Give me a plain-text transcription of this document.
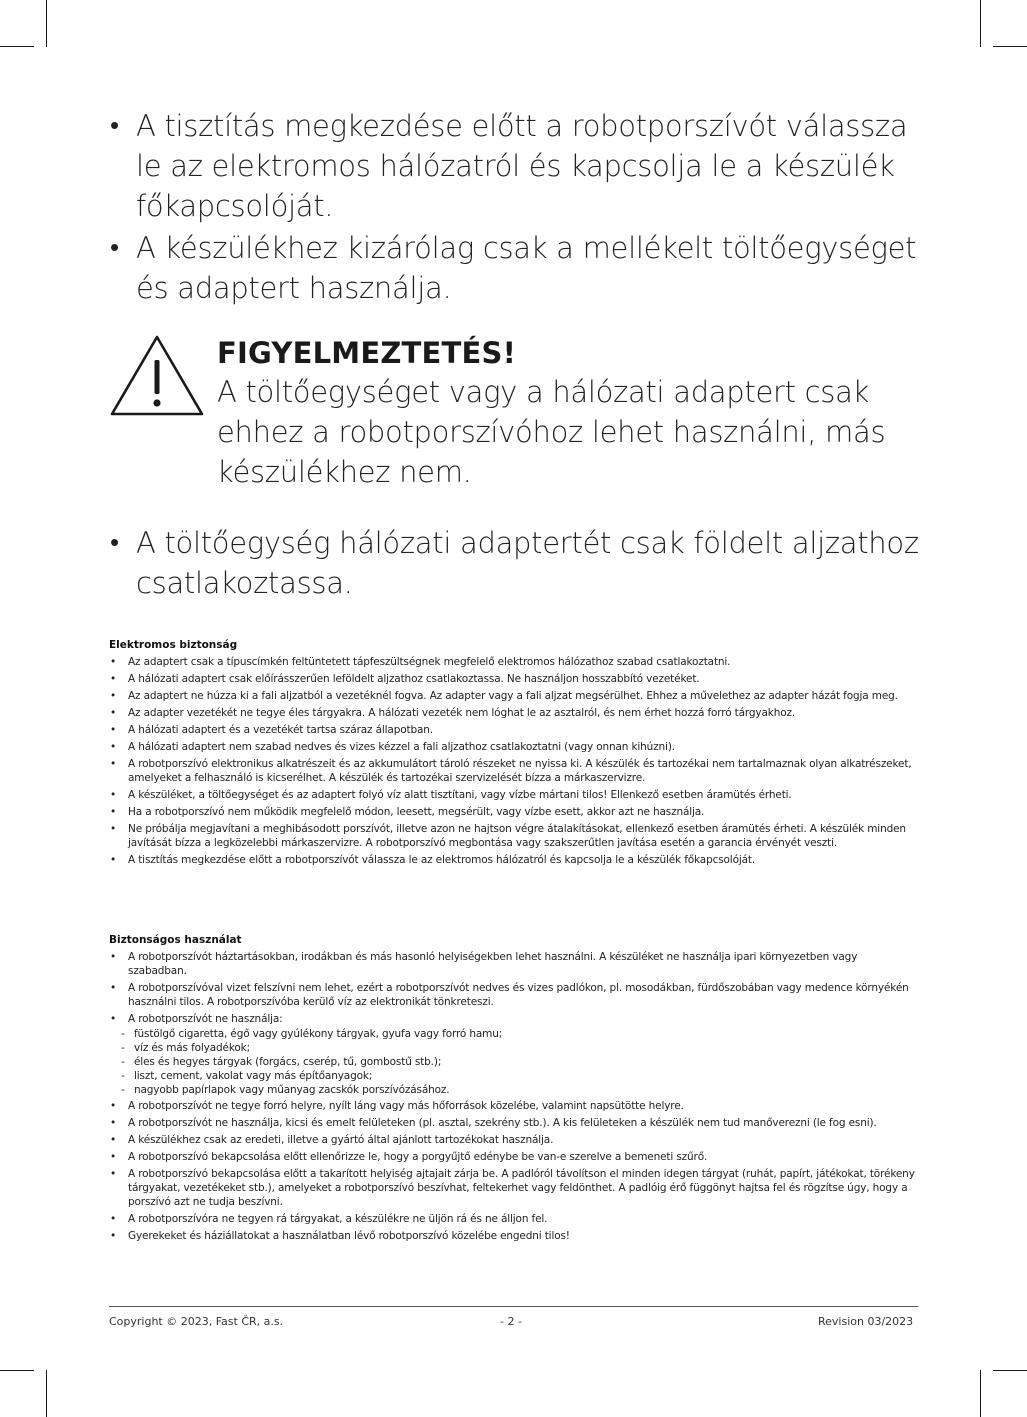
• A tisztítás megkezdése előtt a robotporszívót válassza le az elektromos hálózatról és kapcsolja le a készülék főkapcsolóját.
• A készülékhez kizárólag csak a mellékelt töltőegységet és adaptert használja.
FIGYELMEZTETÉS!
A töltőegységet vagy a hálózati adaptert csak ehhez a robotporszívóhoz lehet használni, más készülékhez nem.
• A töltőegység hálózati adaptertét csak földelt aljzathoz csatlakoztassa.
Elektromos biztonság
• Az adaptert csak a típuscímkén feltüntetett tápfeszültségnek megfelelő elektromos hálózathoz szabad csatlakoztatni.
• A hálózati adaptert csak előírásszerűen leföldelt aljzathoz csatlakoztassa. Ne használjon hosszabbító vezetéket.
• Az adaptert ne húzza ki a fali aljzatból a vezetéknél fogva. Az adapter vagy a fali aljzat megsérülhet. Ehhez a művelethez az adapter házát fogja meg.
• Az adapter vezetékét ne tegye éles tárgyakra. A hálózati vezeték nem lóghat le az asztalról, és nem érhet hozzá forró tárgyakhoz.
• A hálózati adaptert és a vezetékét tartsa száraz állapotban.
• A hálózati adaptert nem szabad nedves és vizes kézzel a fali aljzathoz csatlakoztatni (vagy onnan kihúzni).
• A robotporszívó elektronikus alkatrészeit és az akkumulátort tároló részeket ne nyissa ki. A készülék és tartozékai nem tartalmaznak olyan alkatrészeket, amelyeket a felhasználó is kicserélhet. A készülék és tartozékai szervizelését bízza a márkaszervizre.
• A készüléket, a töltőegységet és az adaptert folyó víz alatt tisztítani, vagy vízbe mártani tilos! Ellenkező esetben áramütés érheti.
• Ha a robotporszívó nem működik megfelelő módon, leesett, megsérült, vagy vízbe esett, akkor azt ne használja.
• Ne próbálja megjavítani a meghibásodott porszívót, illetve azon ne hajtson végre átalakításokat, ellenkező esetben áramütés érheti. A készülék minden javítását bízza a legközelebbi márkaszervizre. A robotporszívó megbontása vagy szakszerűtlen javítása esetén a garancia érvényét veszti.
• A tisztítás megkezdése előtt a robotporszívót válassza le az elektromos hálózatról és kapcsolja le a készülék főkapcsolóját.
Biztonságos használat
• A robotporszívót háztartásokban, irodákban és más hasonló helyiségekben lehet használni. A készüléket ne használja ipari környezetben vagy szabadban.
• A robotporszívóval vizet felszívni nem lehet, ezért a robotporszívót nedves és vizes padlókon, pl. mosodákban, fürdőszobában vagy medence környékén használni tilos. A robotporszívóba kerülő víz az elektronikát tönkreteszi.
• A robotporszívót ne használja:
- füstölgő cigaretta, égő vagy gyúlékony tárgyak, gyufa vagy forró hamu;
- víz és más folyadékok;
- éles és hegyes tárgyak (forgács, cserép, tű, gombostű stb.);
- liszt, cement, vakolat vagy más építőanyagok;
- nagyobb papírlapok vagy műanyag zacskók porszívózásához.
• A robotporszívót ne tegye forró helyre, nyílt láng vagy más hőforrások közelébe, valamint napsütötte helyre.
• A robotporszívót ne használja, kicsi és emelt felületeken (pl. asztal, szekrény stb.). A kis felületeken a készülék nem tud manőverezni (le fog esni).
• A készülékhez csak az eredeti, illetve a gyártó által ajánlott tartozékokat használja.
• A robotporszívó bekapcsolása előtt ellenőrizze le, hogy a porgyűjtő edénybe be van-e szerelve a bemeneti szűrő.
• A robotporszívó bekapcsolása előtt a takarított helyiség ajtajait zárja be. A padlóról távolítson el minden idegen tárgyat (ruhát, papírt, játékokat, törékeny tárgyakat, vezetékeket stb.), amelyeket a robotporszívó beszívhat, feltekerhet vagy feldönthet. A padlóig érő függönyt hajtsa fel és rögzítse úgy, hogy a porszívó azt ne tudja beszívni.
• A robotporszívóra ne tegyen rá tárgyakat, a készülékre ne üljön rá és ne álljon fel.
• Gyerekeket és háziállatokat a használatban lévő robotporszívó közelébe engedni tilos!
Copyright © 2023, Fast ČR, a.s.	- 2 -	Revision 03/2023
